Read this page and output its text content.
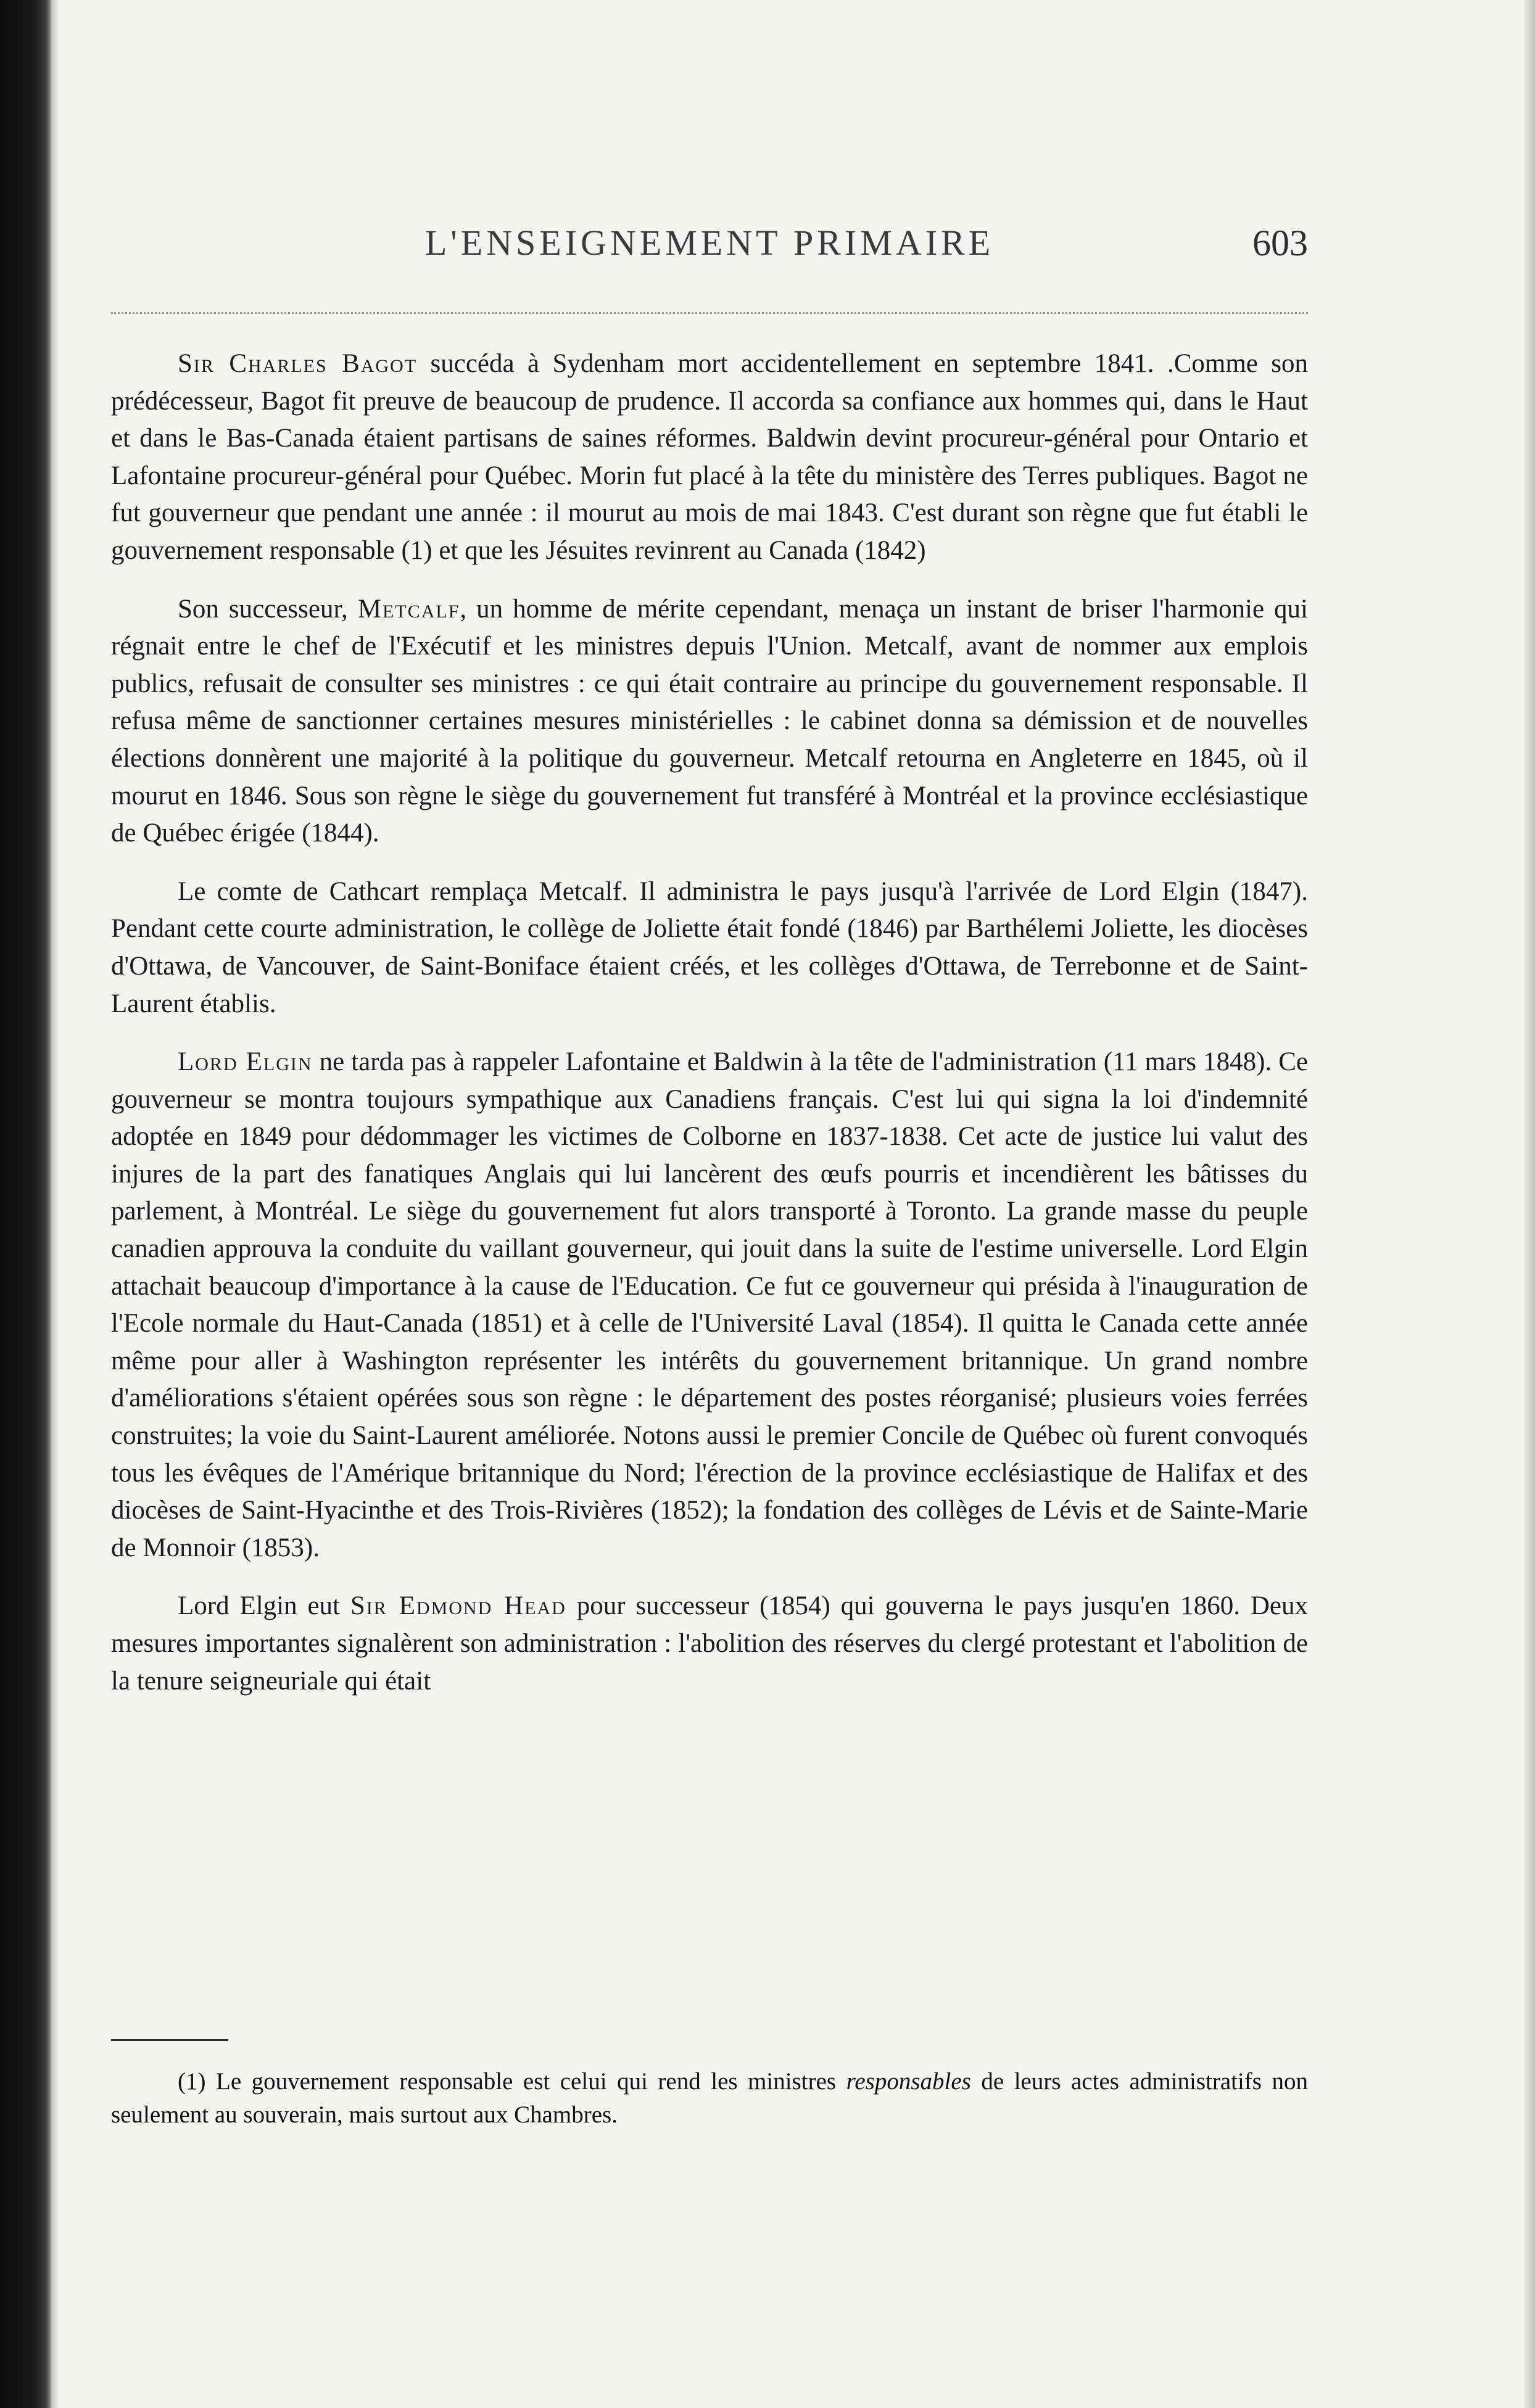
L'ENSEIGNEMENT PRIMAIRE	603

Sir Charles Bagot succéda à Sydenham mort accidentellement en septembre 1841. .Comme son prédécesseur, Bagot fit preuve de beaucoup de prudence. Il accorda sa confiance aux hommes qui, dans le Haut et dans le Bas-Canada étaient partisans de saines réformes. Baldwin devint procureur-général pour Ontario et Lafontaine procureur-général pour Québec. Morin fut placé à la tête du ministère des Terres publiques. Bagot ne fut gouverneur que pendant une année : il mourut au mois de mai 1843. C'est durant son règne que fut établi le gouvernement responsable (1) et que les Jésuites revinrent au Canada (1842)

Son successeur, Metcalf, un homme de mérite cependant, menaça un instant de briser l'harmonie qui régnait entre le chef de l'Exécutif et les ministres depuis l'Union. Metcalf, avant de nommer aux emplois publics, refusait de consulter ses ministres : ce qui était contraire au principe du gouvernement responsable. Il refusa même de sanctionner certaines mesures ministérielles : le cabinet donna sa démission et de nouvelles élections donnèrent une majorité à la politique du gouverneur. Metcalf retourna en Angleterre en 1845, où il mourut en 1846. Sous son règne le siège du gouvernement fut transféré à Montréal et la province ecclésiastique de Québec érigée (1844).

Le comte de Cathcart remplaça Metcalf. Il administra le pays jusqu'à l'arrivée de Lord Elgin (1847). Pendant cette courte administration, le collège de Joliette était fondé (1846) par Barthélemi Joliette, les diocèses d'Ottawa, de Vancouver, de Saint-Boniface étaient créés, et les collèges d'Ottawa, de Terrebonne et de Saint-Laurent établis.

Lord Elgin ne tarda pas à rappeler Lafontaine et Baldwin à la tête de l'administration (11 mars 1848). Ce gouverneur se montra toujours sympathique aux Canadiens français. C'est lui qui signa la loi d'indemnité adoptée en 1849 pour dédommager les victimes de Colborne en 1837-1838. Cet acte de justice lui valut des injures de la part des fanatiques Anglais qui lui lancèrent des œufs pourris et incendièrent les bâtisses du parlement, à Montréal. Le siège du gouvernement fut alors transporté à Toronto. La grande masse du peuple canadien approuva la conduite du vaillant gouverneur, qui jouit dans la suite de l'estime universelle. Lord Elgin attachait beaucoup d'importance à la cause de l'Education. Ce fut ce gouverneur qui présida à l'inauguration de l'Ecole normale du Haut-Canada (1851) et à celle de l'Université Laval (1854). Il quitta le Canada cette année même pour aller à Washington représenter les intérêts du gouvernement britannique. Un grand nombre d'améliorations s'étaient opérées sous son règne : le département des postes réorganisé; plusieurs voies ferrées construites; la voie du Saint-Laurent améliorée. Notons aussi le premier Concile de Québec où furent convoqués tous les évêques de l'Amérique britannique du Nord; l'érection de la province ecclésiastique de Halifax et des diocèses de Saint-Hyacinthe et des Trois-Rivières (1852); la fondation des collèges de Lévis et de Sainte-Marie de Monnoir (1853).

Lord Elgin eut Sir Edmond Head pour successeur (1854) qui gouverna le pays jusqu'en 1860. Deux mesures importantes signalèrent son administration : l'abolition des réserves du clergé protestant et l'abolition de la tenure seigneuriale qui était

(1) Le gouvernement responsable est celui qui rend les ministres responsables de leurs actes administratifs non seulement au souverain, mais surtout aux Chambres.
